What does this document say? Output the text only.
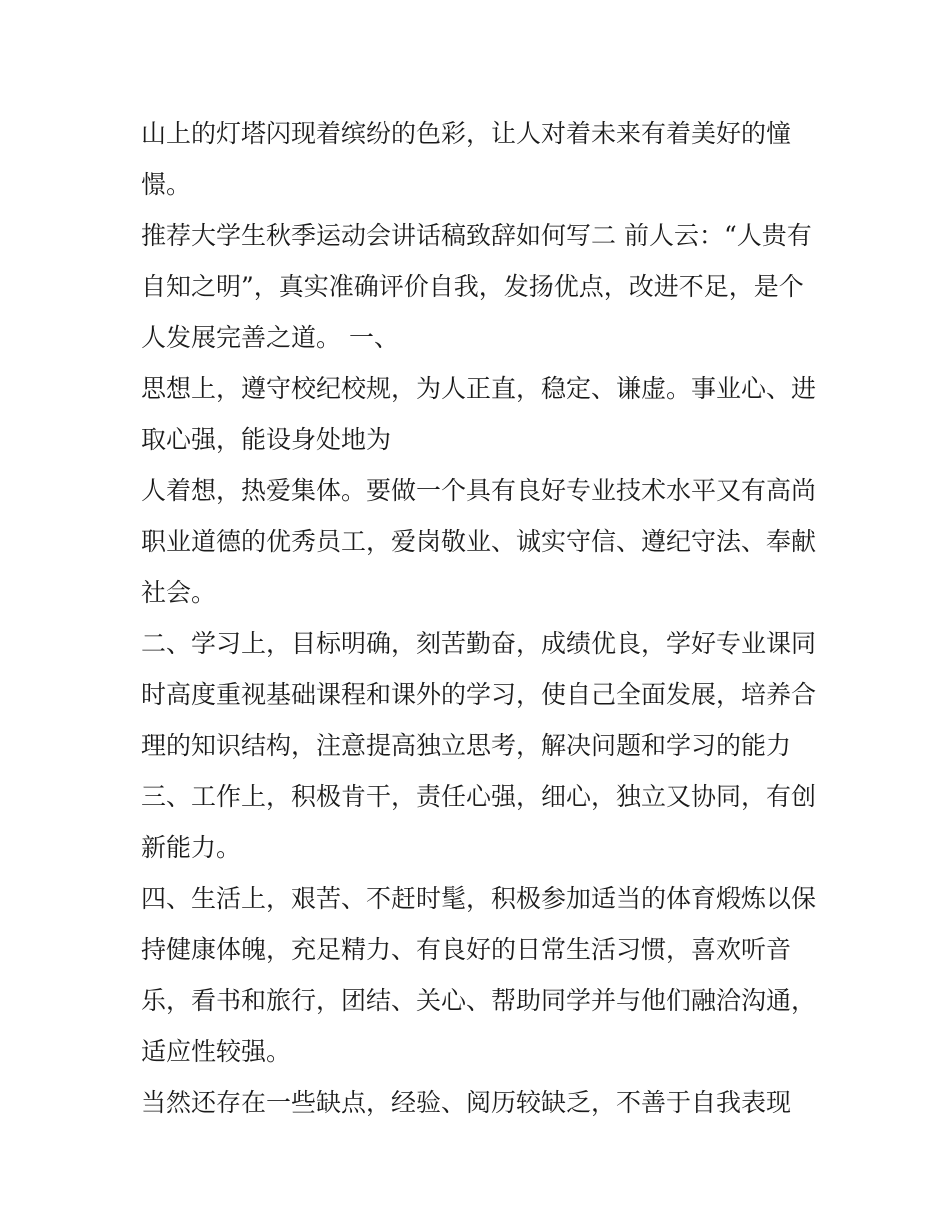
山上的灯塔闪现着缤纷的色彩，让人对着未来有着美好的憧
憬。
推荐大学生秋季运动会讲话稿致辞如何写二 前人云：“人贵有
自知之明”，真实准确评价自我，发扬优点，改进不足，是个
人发展完善之道。 一、
思想上，遵守校纪校规，为人正直，稳定、谦虚。事业心、进
取心强，能设身处地为
人着想，热爱集体。要做一个具有良好专业技术水平又有高尚
职业道德的优秀员工，爱岗敬业、诚实守信、遵纪守法、奉献
社会。
二、学习上，目标明确，刻苦勤奋，成绩优良，学好专业课同
时高度重视基础课程和课外的学习，使自己全面发展，培养合
理的知识结构，注意提高独立思考，解决问题和学习的能力
三、工作上，积极肯干，责任心强，细心，独立又协同，有创
新能力。
四、生活上，艰苦、不赶时髦，积极参加适当的体育煅炼以保
持健康体魄，充足精力、有良好的日常生活习惯，喜欢听音
乐，看书和旅行，团结、关心、帮助同学并与他们融洽沟通，
适应性较强。
当然还存在一些缺点，经验、阅历较缺乏，不善于自我表现
